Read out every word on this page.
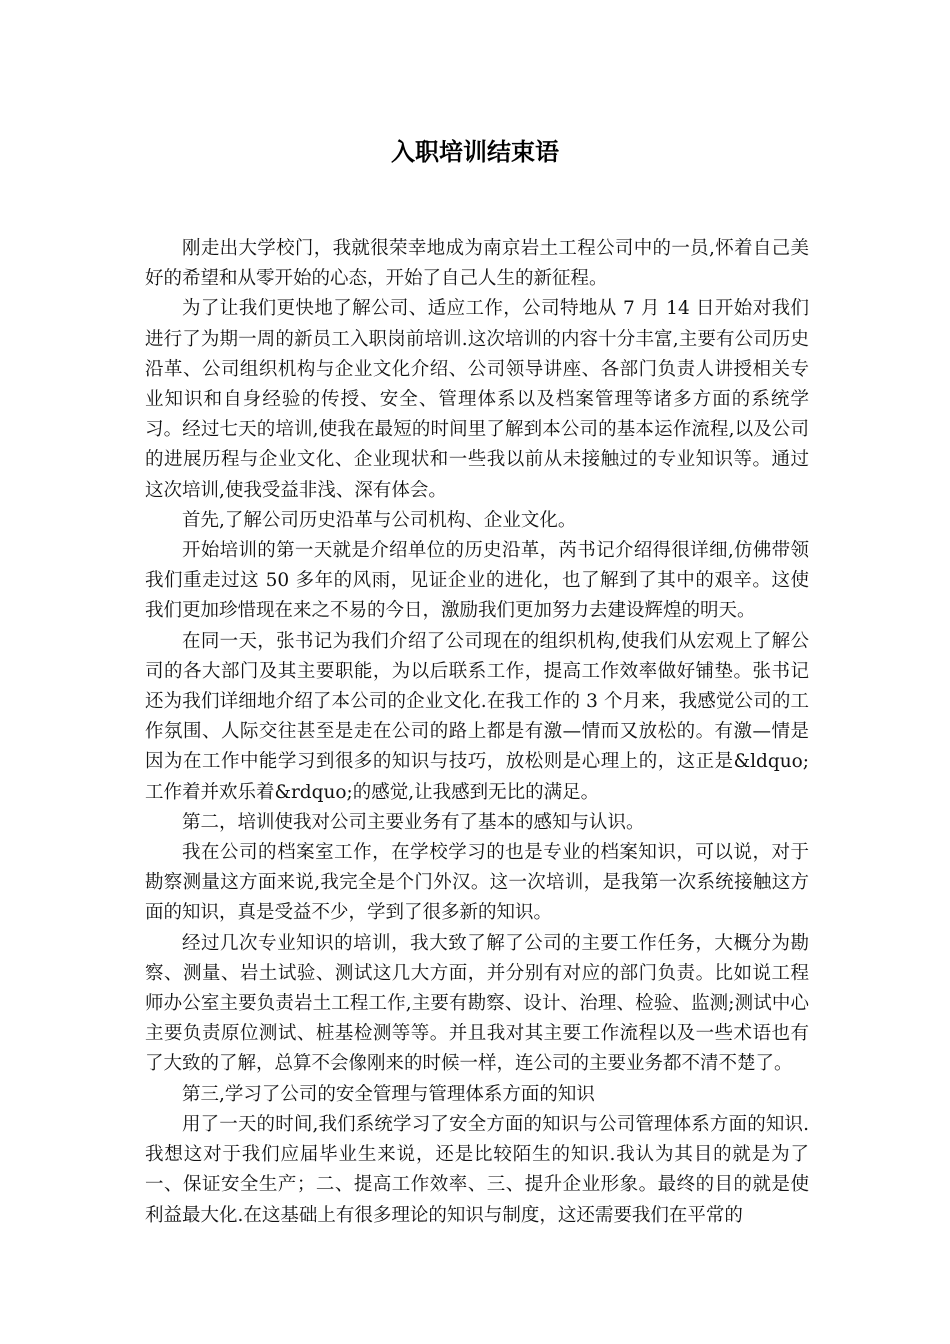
入职培训结束语

刚走出大学校门，我就很荣幸地成为南京岩土工程公司中的一员,怀着自己美好的希望和从零开始的心态，开始了自己人生的新征程。

为了让我们更快地了解公司、适应工作，公司特地从 7 月 14 日开始对我们进行了为期一周的新员工入职岗前培训.这次培训的内容十分丰富,主要有公司历史沿革、公司组织机构与企业文化介绍、公司领导讲座、各部门负责人讲授相关专业知识和自身经验的传授、安全、管理体系以及档案管理等诸多方面的系统学习。经过七天的培训,使我在最短的时间里了解到本公司的基本运作流程,以及公司的进展历程与企业文化、企业现状和一些我以前从未接触过的专业知识等。通过这次培训,使我受益非浅、深有体会。

首先,了解公司历史沿革与公司机构、企业文化。

开始培训的第一天就是介绍单位的历史沿革，芮书记介绍得很详细,仿佛带领我们重走过这 50 多年的风雨，见证企业的进化，也了解到了其中的艰辛。这使我们更加珍惜现在来之不易的今日，激励我们更加努力去建设辉煌的明天。

在同一天，张书记为我们介绍了公司现在的组织机构,使我们从宏观上了解公司的各大部门及其主要职能，为以后联系工作，提高工作效率做好铺垫。张书记还为我们详细地介绍了本公司的企业文化.在我工作的 3 个月来，我感觉公司的工作氛围、人际交往甚至是走在公司的路上都是有激—情而又放松的。有激—情是因为在工作中能学习到很多的知识与技巧，放松则是心理上的，这正是&ldquo;工作着并欢乐着&rdquo;的感觉,让我感到无比的满足。

第二，培训使我对公司主要业务有了基本的感知与认识。

我在公司的档案室工作，在学校学习的也是专业的档案知识，可以说，对于勘察测量这方面来说,我完全是个门外汉。这一次培训，是我第一次系统接触这方面的知识，真是受益不少，学到了很多新的知识。

经过几次专业知识的培训，我大致了解了公司的主要工作任务，大概分为勘察、测量、岩土试验、测试这几大方面，并分别有对应的部门负责。比如说工程师办公室主要负责岩土工程工作,主要有勘察、设计、治理、检验、监测;测试中心主要负责原位测试、桩基检测等等。并且我对其主要工作流程以及一些术语也有了大致的了解，总算不会像刚来的时候一样，连公司的主要业务都不清不楚了。

第三,学习了公司的安全管理与管理体系方面的知识

用了一天的时间,我们系统学习了安全方面的知识与公司管理体系方面的知识.我想这对于我们应届毕业生来说，还是比较陌生的知识.我认为其目的就是为了一、保证安全生产；二、提高工作效率、三、提升企业形象。最终的目的就是使利益最大化.在这基础上有很多理论的知识与制度，这还需要我们在平常的
